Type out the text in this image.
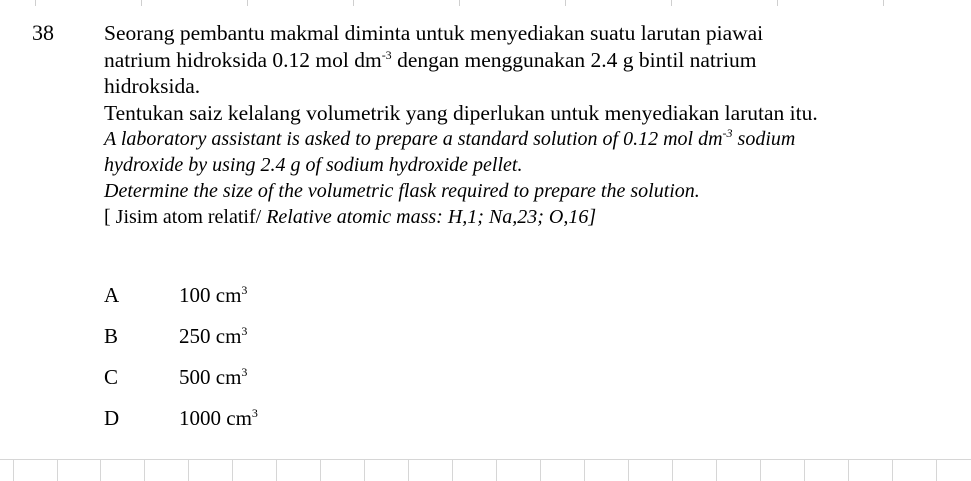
38 Seorang pembantu makmal diminta untuk menyediakan suatu larutan piawai
natrium hidroksida 0.12 mol $dm^{-3}$ dengan menggunakan 2.4 g bintil natrium
hidroksida.
Tentukan saiz kelalang volumetrik yang diperlukan untuk menyediakan larutan itu.
A laboratory assistant is asked to prepare a standard solution of 0.12 mol $dm^{-3}$ sodium
hydroxide by using 2.4 g of sodium hydroxide pellet.
Determine the size of the volumetric flask required to prepare the solution.
[ Jisim atom relatif/ Relative atomic mass: H,1; Na,23; O,16]
A	100 $cm^3$
B	250 $cm^3$
C	500 $cm^3$
D	1000 $cm^3$
